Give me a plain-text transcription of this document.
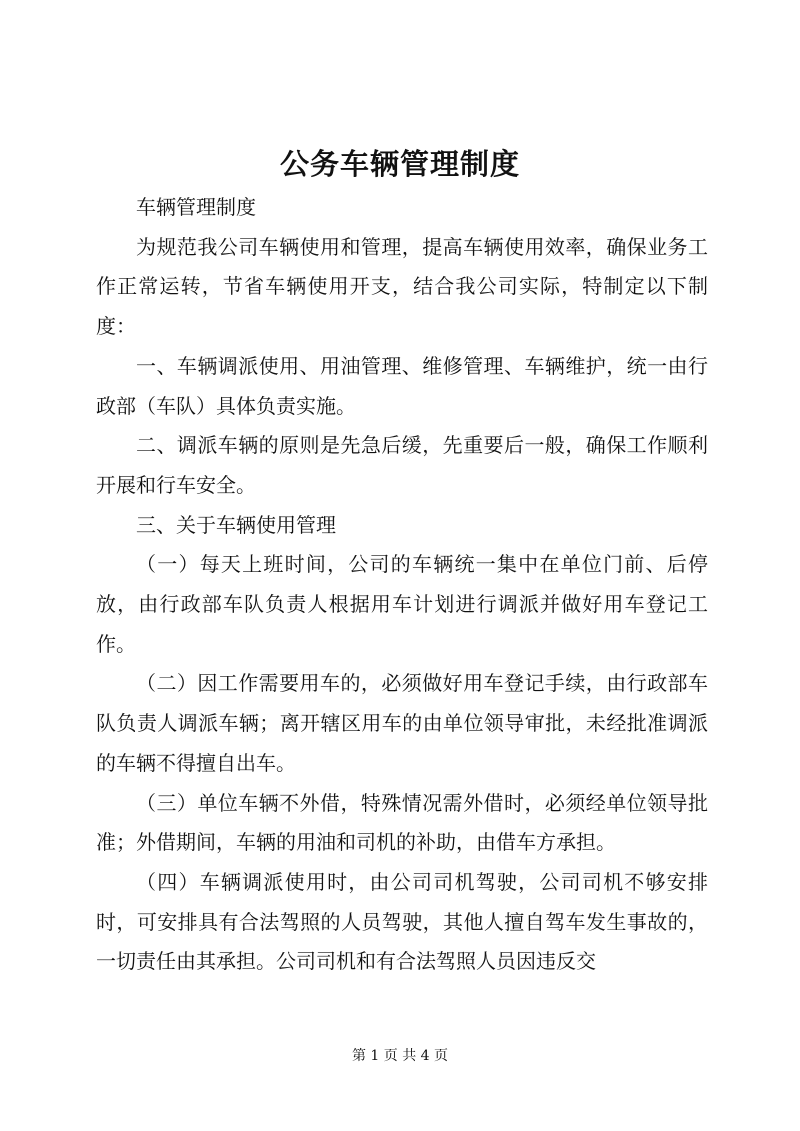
公务车辆管理制度

车辆管理制度

为规范我公司车辆使用和管理，提高车辆使用效率，确保业务工作正常运转，节省车辆使用开支，结合我公司实际，特制定以下制度：

一、车辆调派使用、用油管理、维修管理、车辆维护，统一由行政部（车队）具体负责实施。

二、调派车辆的原则是先急后缓，先重要后一般，确保工作顺利开展和行车安全。

三、关于车辆使用管理

（一）每天上班时间，公司的车辆统一集中在单位门前、后停放，由行政部车队负责人根据用车计划进行调派并做好用车登记工作。

（二）因工作需要用车的，必须做好用车登记手续，由行政部车队负责人调派车辆；离开辖区用车的由单位领导审批，未经批准调派的车辆不得擅自出车。

（三）单位车辆不外借，特殊情况需外借时，必须经单位领导批准；外借期间，车辆的用油和司机的补助，由借车方承担。

（四）车辆调派使用时，由公司司机驾驶，公司司机不够安排时，可安排具有合法驾照的人员驾驶，其他人擅自驾车发生事故的，一切责任由其承担。公司司机和有合法驾照人员因违反交

第 1 页 共 4 页
